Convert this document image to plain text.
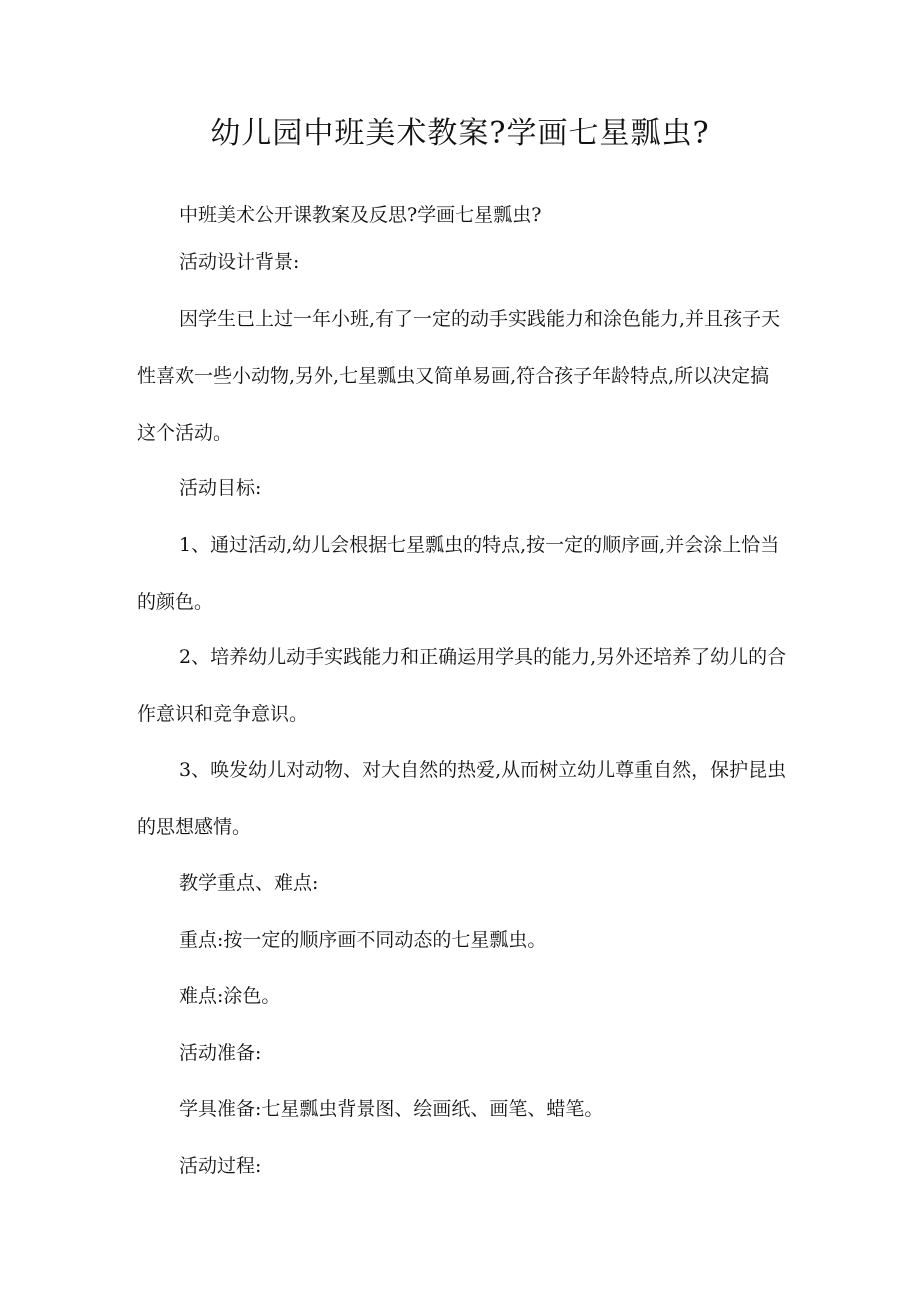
幼儿园中班美术教案?学画七星瓢虫?

中班美术公开课教案及反思?学画七星瓢虫?

活动设计背景:

因学生已上过一年小班,有了一定的动手实践能力和涂色能力,并且孩子天性喜欢一些小动物,另外,七星瓢虫又简单易画,符合孩子年龄特点,所以决定搞这个活动。

活动目标:

1、通过活动,幼儿会根据七星瓢虫的特点,按一定的顺序画,并会涂上恰当的颜色。

2、培养幼儿动手实践能力和正确运用学具的能力,另外还培养了幼儿的合作意识和竞争意识。

3、唤发幼儿对动物、对大自然的热爱,从而树立幼儿尊重自然，保护昆虫的思想感情。

教学重点、难点:

重点:按一定的顺序画不同动态的七星瓢虫。

难点:涂色。

活动准备:

学具准备:七星瓢虫背景图、绘画纸、画笔、蜡笔。

活动过程:
